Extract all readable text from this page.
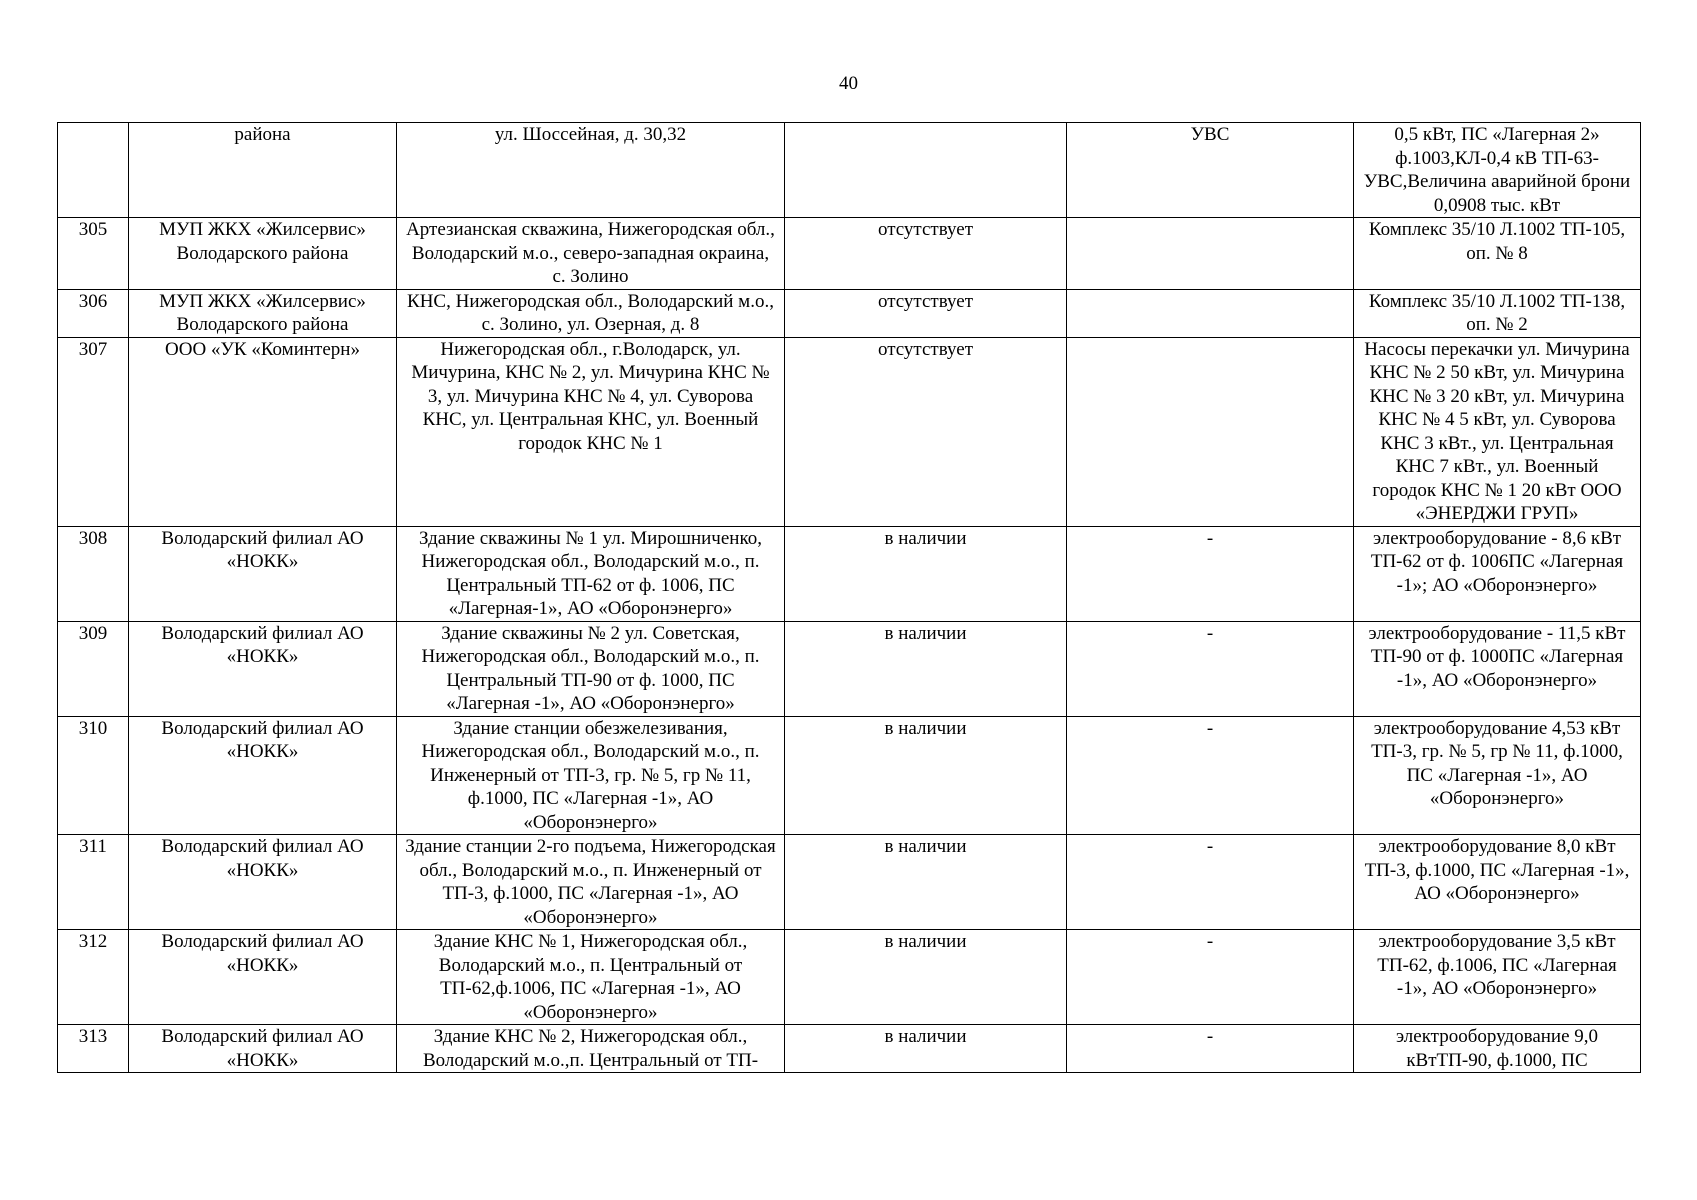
40
	района	ул. Шоссейная, д. 30,32		УВС	0,5 кВт, ПС «Лагерная 2» ф.1003,КЛ-0,4 кВ ТП-63-УВС,Величина аварийной брони 0,0908 тыс. кВт
305	МУП ЖКХ «Жилсервис» Володарского района	Артезианская скважина, Нижегородская обл., Володарский м.о., северо-западная окраина, с. Золино	отсутствует		Комплекс 35/10 Л.1002 ТП-105, оп. № 8
306	МУП ЖКХ «Жилсервис» Володарского района	КНС, Нижегородская обл., Володарский м.о., с. Золино, ул. Озерная, д. 8	отсутствует		Комплекс 35/10 Л.1002 ТП-138, оп. № 2
307	ООО «УК «Коминтерн»	Нижегородская обл., г.Володарск, ул. Мичурина, КНС № 2, ул. Мичурина КНС № 3, ул. Мичурина КНС № 4, ул. Суворова КНС, ул. Центральная КНС, ул. Военный городок КНС № 1	отсутствует		Насосы перекачки ул. Мичурина КНС № 2 50 кВт, ул. Мичурина КНС № 3 20 кВт, ул. Мичурина КНС № 4 5 кВт, ул. Суворова КНС 3 кВт., ул. Центральная КНС 7 кВт., ул. Военный городок КНС № 1 20 кВт ООО «ЭНЕРДЖИ ГРУП»
308	Володарский филиал АО «НОКК»	Здание скважины № 1 ул. Мирошниченко, Нижегородская обл., Володарский м.о., п. Центральный ТП-62 от ф. 1006, ПС «Лагерная-1», АО «Оборонэнерго»	в наличии	-	электрооборудование - 8,6 кВт ТП-62 от ф. 1006ПС «Лагерная -1»; АО «Оборонэнерго»
309	Володарский филиал АО «НОКК»	Здание скважины № 2 ул. Советская, Нижегородская обл., Володарский м.о., п. Центральный ТП-90 от ф. 1000, ПС «Лагерная -1», АО «Оборонэнерго»	в наличии	-	электрооборудование - 11,5 кВт ТП-90 от ф. 1000ПС «Лагерная -1», АО «Оборонэнерго»
310	Володарский филиал АО «НОКК»	Здание станции обезжелезивания, Нижегородская обл., Володарский м.о., п. Инженерный от ТП-3, гр. № 5, гр № 11, ф.1000, ПС «Лагерная -1», АО «Оборонэнерго»	в наличии	-	электрооборудование 4,53 кВт ТП-3, гр. № 5, гр № 11, ф.1000, ПС «Лагерная -1», АО «Оборонэнерго»
311	Володарский филиал АО «НОКК»	Здание станции 2-го подъема, Нижегородская обл., Володарский м.о., п. Инженерный от ТП-3, ф.1000, ПС «Лагерная -1», АО «Оборонэнерго»	в наличии	-	электрооборудование 8,0 кВт ТП-3, ф.1000, ПС «Лагерная -1», АО «Оборонэнерго»
312	Володарский филиал АО «НОКК»	Здание КНС № 1, Нижегородская обл., Володарский м.о., п. Центральный от ТП-62,ф.1006, ПС «Лагерная -1», АО «Оборонэнерго»	в наличии	-	электрооборудование 3,5 кВт ТП-62, ф.1006, ПС «Лагерная -1», АО «Оборонэнерго»

313	Володарский филиал АО «НОКК»	Здание КНС № 2, Нижегородская обл., Володарский м.о.,п. Центральный от ТП-	в наличии	-	электрооборудование 9,0 кВтТП-90, ф.1000, ПС
